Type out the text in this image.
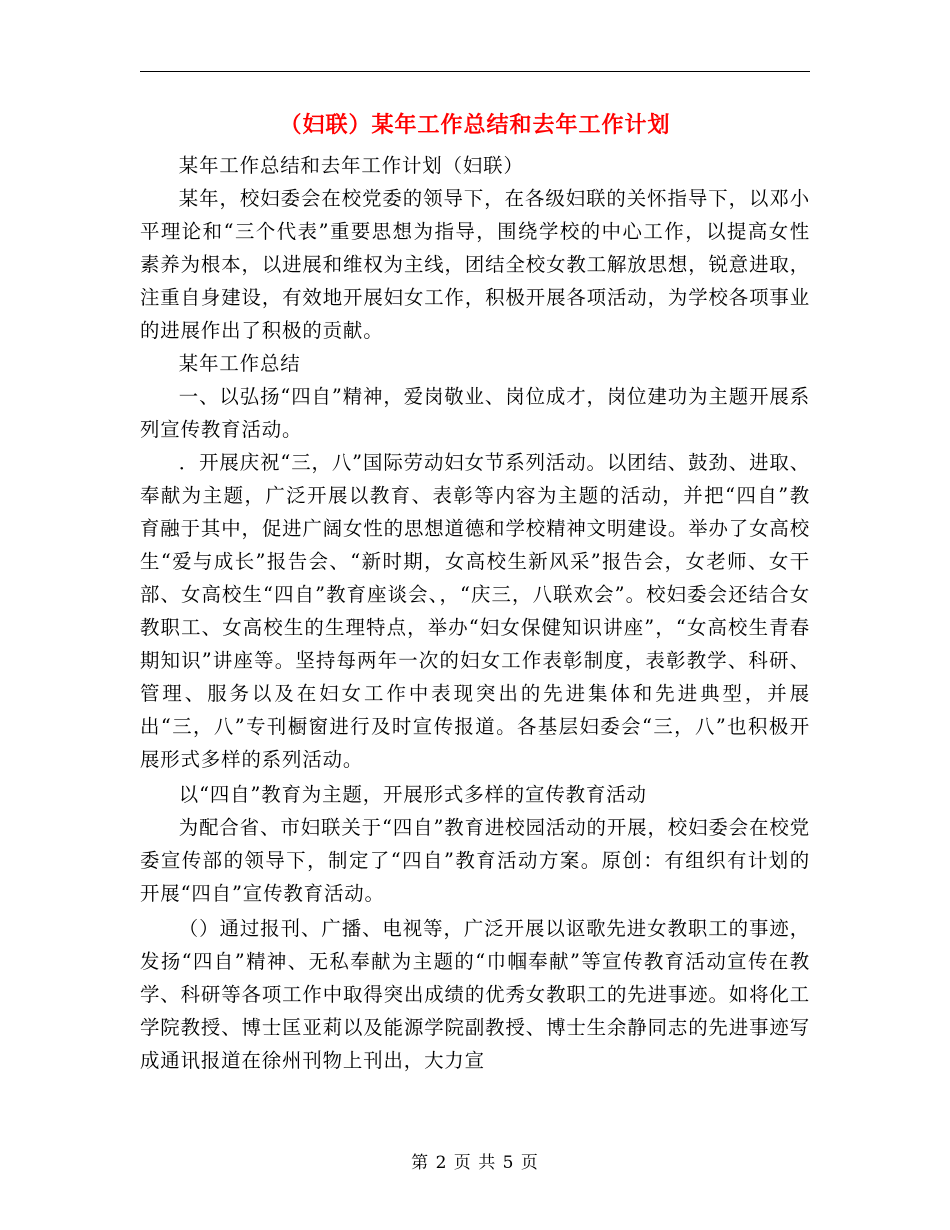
（妇联）某年工作总结和去年工作计划

某年工作总结和去年工作计划（妇联）

某年，校妇委会在校党委的领导下，在各级妇联的关怀指导下，以邓小平理论和“三个代表”重要思想为指导，围绕学校的中心工作，以提高女性素养为根本，以进展和维权为主线，团结全校女教工解放思想，锐意进取，注重自身建设，有效地开展妇女工作，积极开展各项活动，为学校各项事业的进展作出了积极的贡献。

某年工作总结

一、以弘扬“四自”精神，爱岗敬业、岗位成才，岗位建功为主题开展系列宣传教育活动。

．开展庆祝“三，八”国际劳动妇女节系列活动。以团结、鼓劲、进取、奉献为主题，广泛开展以教育、表彰等内容为主题的活动，并把“四自”教育融于其中，促进广阔女性的思想道德和学校精神文明建设。举办了女高校生“爱与成长”报告会、“新时期，女高校生新风采”报告会，女老师、女干部、女高校生“四自”教育座谈会、，“庆三，八联欢会”。校妇委会还结合女教职工、女高校生的生理特点，举办“妇女保健知识讲座”，“女高校生青春期知识”讲座等。坚持每两年一次的妇女工作表彰制度，表彰教学、科研、管理、服务以及在妇女工作中表现突出的先进集体和先进典型，并展出“三，八”专刊橱窗进行及时宣传报道。各基层妇委会“三，八”也积极开展形式多样的系列活动。

以“四自”教育为主题，开展形式多样的宣传教育活动

为配合省、市妇联关于“四自”教育进校园活动的开展，校妇委会在校党委宣传部的领导下，制定了“四自”教育活动方案。原创：有组织有计划的开展“四自”宣传教育活动。

（）通过报刊、广播、电视等，广泛开展以讴歌先进女教职工的事迹，发扬“四自”精神、无私奉献为主题的“巾帼奉献”等宣传教育活动宣传在教学、科研等各项工作中取得突出成绩的优秀女教职工的先进事迹。如将化工学院教授、博士匡亚莉以及能源学院副教授、博士生余静同志的先进事迹写成通讯报道在徐州刊物上刊出，大力宣

第 2 页 共 5 页
